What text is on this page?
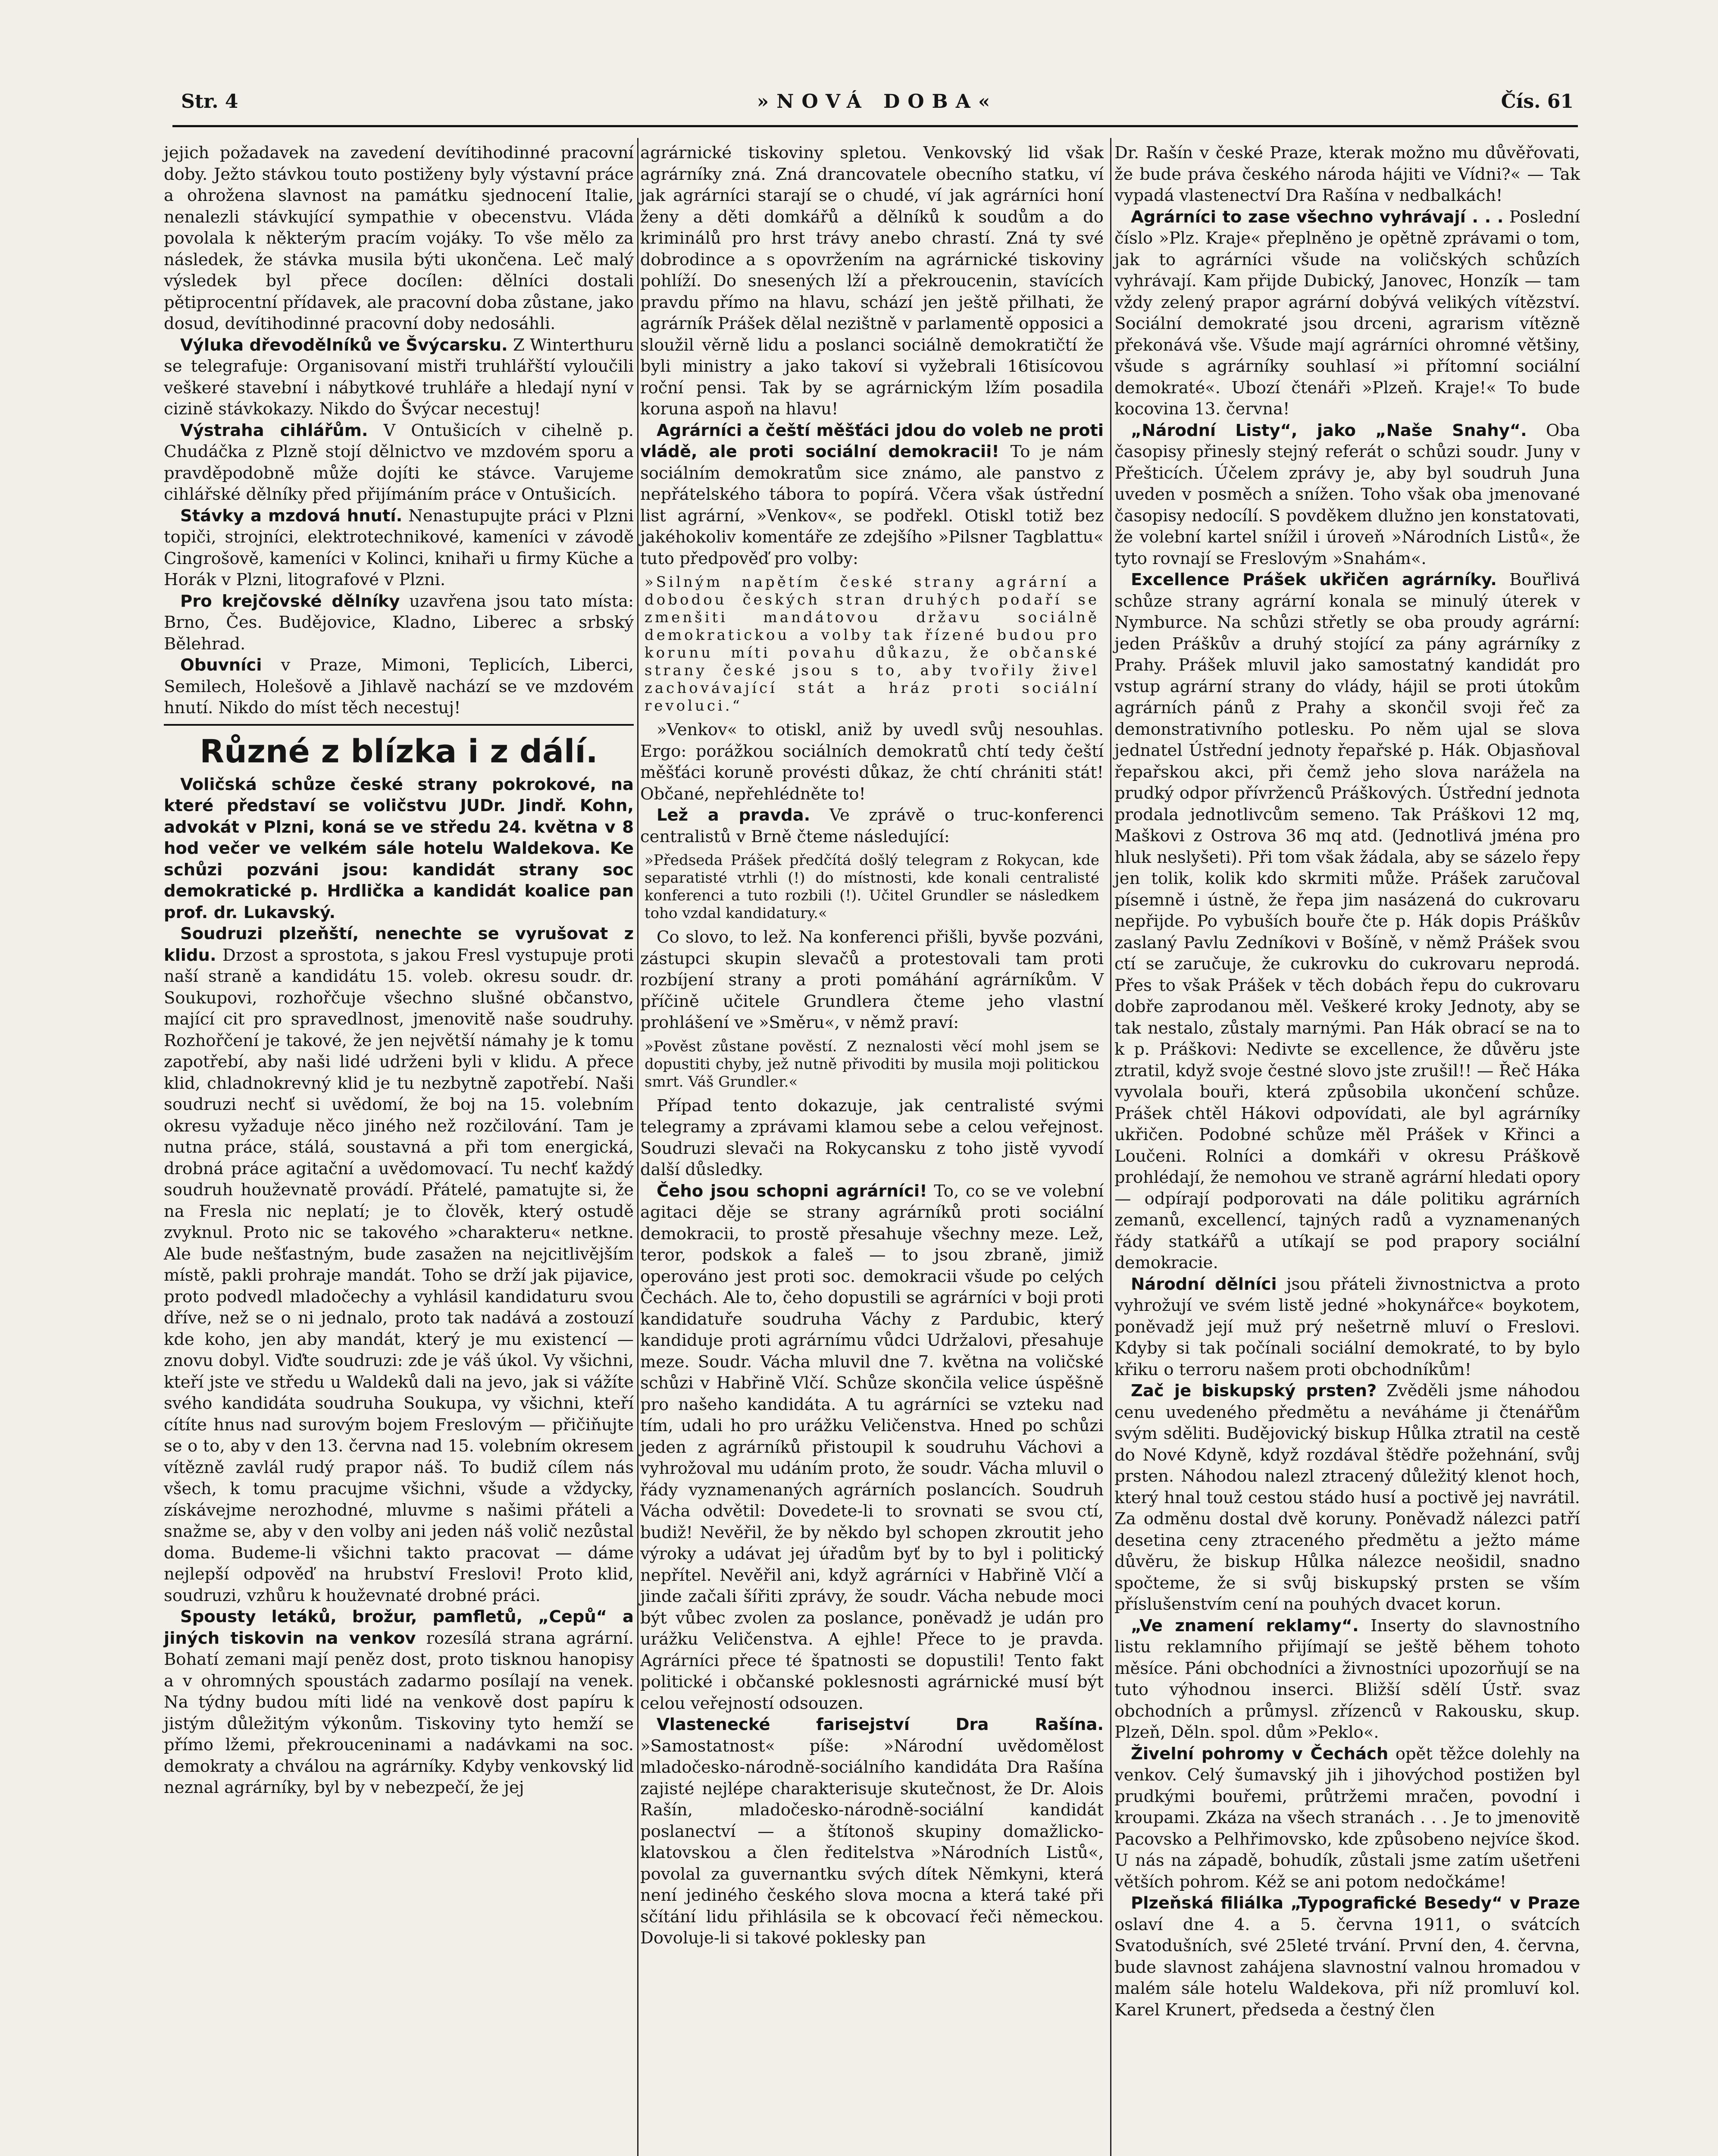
Str. 4	»NOVÁ DOBA«	Čís. 61

jejich požadavek na zavedení devítihodinné pracovní doby. Ježto stávkou touto postiženy byly výstavní práce a ohrožena slavnost na památku sjednocení Italie, nenalezli stávkující sympathie v obecenstvu. Vláda povolala k některým pracím vojáky. To vše mělo za následek, že stávka musila býti ukončena. Leč malý výsledek byl přece docílen: dělníci dostali pětiprocentní přídavek, ale pracovní doba zůstane, jako dosud, devítihodinné pracovní doby nedosáhli.

Výluka dřevodělníků ve Švýcarsku. Z Winterthuru se telegrafuje: Organisovaní mistři truhlářští vyloučili veškeré stavební i nábytkové truhláře a hledají nyní v cizině stávkokazy. Nikdo do Švýcar necestuj!

Výstraha cihlářům. V Ontušicích v cihelně p. Chudáčka z Plzně stojí dělnictvo ve mzdovém sporu a pravděpodobně může dojíti ke stávce. Varujeme cihlářské dělníky před přijímáním práce v Ontušicích.

Stávky a mzdová hnutí. Nenastupujte práci v Plzni topiči, strojníci, elektrotechnikové, kameníci v závodě Cingrošově, kameníci v Kolinci, knihaři u firmy Küche a Horák v Plzni, litografové v Plzni.

Pro krejčovské dělníky uzavřena jsou tato místa: Brno, Čes. Budějovice, Kladno, Liberec a srbský Bělehrad.

Obuvníci v Praze, Mimoni, Teplicích, Liberci, Semilech, Holešově a Jihlavě nachází se ve mzdovém hnutí. Nikdo do míst těch necestuj!

Různé z blízka i z dálí.

Voličská schůze české strany pokrokové, na které představí se voličstvu JUDr. Jindř. Kohn, advokát v Plzni, koná se ve středu 24. května v 8 hod večer ve velkém sále hotelu Waldekova. Ke schůzi pozváni jsou: kandidát strany soc demokratické p. Hrdlička a kandidát koalice pan prof. dr. Lukavský.

Soudruzi plzeňští, nenechte se vyrušovat z klidu. Drzost a sprostota, s jakou Fresl vystupuje proti naší straně a kandidátu 15. voleb. okresu soudr. dr. Soukupovi, rozhořčuje všechno slušné občanstvo, mající cit pro spravedlnost, jmenovitě naše soudruhy. Rozhořčení je takové, že jen největší námahy je k tomu zapotřebí, aby naši lidé udrženi byli v klidu. A přece klid, chladnokrevný klid je tu nezbytně zapotřebí. Naši soudruzi nechť si uvědomí, že boj na 15. volebním okresu vyžaduje něco jiného než rozčilování. Tam je nutna práce, stálá, soustavná a při tom energická, drobná práce agitační a uvědomovací. Tu nechť každý soudruh houževnatě provádí. Přátelé, pamatujte si, že na Fresla nic neplatí; je to člověk, který ostudě zvyknul. Proto nic se takového »charakteru« netkne. Ale bude nešťastným, bude zasažen na nejcitlivějším místě, pakli prohraje mandát. Toho se drží jak pijavice, proto podvedl mladočechy a vyhlásil kandidaturu svou dříve, než se o ni jednalo, proto tak nadává a zostouzí kde koho, jen aby mandát, který je mu existencí — znovu dobyl. Viďte soudruzi: zde je váš úkol. Vy všichni, kteří jste ve středu u Waldeků dali na jevo, jak si vážíte svého kandidáta soudruha Soukupa, vy všichni, kteří cítíte hnus nad surovým bojem Freslovým — přičiňujte se o to, aby v den 13. června nad 15. volebním okresem vítězně zavlál rudý prapor náš. To budiž cílem nás všech, k tomu pracujme všichni, všude a vždycky, získávejme nerozhodné, mluvme s našimi přáteli a snažme se, aby v den volby ani jeden náš volič nezůstal doma. Budeme-li všichni takto pracovat — dáme nejlepší odpověď na hrubství Freslovi! Proto klid, soudruzi, vzhůru k houževnaté drobné práci.

Spousty letáků, brožur, pamfletů, „Cepů“ a jiných tiskovin na venkov rozesílá strana agrární. Bohatí zemani mají peněz dost, proto tisknou hanopisy a v ohromných spoustách zadarmo posílají na venek. Na týdny budou míti lidé na venkově dost papíru k jistým důležitým výkonům. Tiskoviny tyto hemží se přímo lžemi, překrouceninami a nadávkami na soc. demokraty a chválou na agrárníky. Kdyby venkovský lid neznal agrárníky, byl by v nebezpečí, že jej

agrárnické tiskoviny spletou. Venkovský lid však agrárníky zná. Zná drancovatele obecního statku, ví jak agrárníci starají se o chudé, ví jak agrárníci honí ženy a děti domkářů a dělníků k soudům a do kriminálů pro hrst trávy anebo chrastí. Zná ty své dobrodince a s opovržením na agrárnické tiskoviny pohlíží. Do snesených lží a překroucenin, stavících pravdu přímo na hlavu, schází jen ještě přilhati, že agrárník Prášek dělal nezištně v parlamentě opposici a sloužil věrně lidu a poslanci sociálně demokratičtí že byli ministry a jako takoví si vyžebrali 16tisícovou roční pensi. Tak by se agrárnickým lžím posadila koruna aspoň na hlavu!

Agrárníci a čeští měšťáci jdou do voleb ne proti vládě, ale proti sociální demokracii! To je nám sociálním demokratům sice známo, ale panstvo z nepřátelského tábora to popírá. Včera však ústřední list agrární, »Venkov«, se podřekl. Otiskl totiž bez jakéhokoliv komentáře ze zdejšího »Pilsner Tagblattu« tuto předpověď pro volby:

»Silným napětím české strany agrární a dobodou českých stran druhých podaří se zmenšiti mandátovou državu sociálně demokratickou a volby tak řízené budou pro korunu míti povahu důkazu, že občanské strany české jsou s to, aby tvořily živel zachovávající stát a hráz proti sociální revoluci.“

»Venkov« to otiskl, aniž by uvedl svůj nesouhlas. Ergo: porážkou sociálních demokratů chtí tedy čeští měšťáci koruně provésti důkaz, že chtí chrániti stát! Občané, nepřehlédněte to!

Lež a pravda. Ve zprávě o truc-konferenci centralistů v Brně čteme následující:

»Předseda Prášek předčítá došlý telegram z Rokycan, kde separatisté vtrhli (!) do místnosti, kde konali centralisté konferenci a tuto rozbili (!). Učitel Grundler se následkem toho vzdal kandidatury.«

Co slovo, to lež. Na konferenci přišli, byvše pozváni, zástupci skupin slevačů a protestovali tam proti rozbíjení strany a proti pomáhání agrárníkům. V příčině učitele Grundlera čteme jeho vlastní prohlášení ve »Směru«, v němž praví:

»Pověst zůstane pověstí. Z neznalosti věcí mohl jsem se dopustiti chyby, jež nutně přivoditi by musila moji politickou smrt. Váš Grundler.«

Případ tento dokazuje, jak centralisté svými telegramy a zprávami klamou sebe a celou veřejnost. Soudruzi slevači na Rokycansku z toho jistě vyvodí další důsledky.

Čeho jsou schopni agrárníci! To, co se ve volební agitaci děje se strany agrárníků proti sociální demokracii, to prostě přesahuje všechny meze. Lež, teror, podskok a faleš — to jsou zbraně, jimiž operováno jest proti soc. demokracii všude po celých Čechách. Ale to, čeho dopustili se agrárníci v boji proti kandidatuře soudruha Váchy z Pardubic, který kandiduje proti agrárnímu vůdci Udržalovi, přesahuje meze. Soudr. Vácha mluvil dne 7. května na voličské schůzi v Habřině Vlčí. Schůze skončila velice úspěšně pro našeho kandidáta. A tu agrárníci se vzteku nad tím, udali ho pro urážku Veličenstva. Hned po schůzi jeden z agrárníků přistoupil k soudruhu Váchovi a vyhrožoval mu udáním proto, že soudr. Vácha mluvil o řády vyznamenaných agrárních poslancích. Soudruh Vácha odvětil: Dovedete-li to srovnati se svou ctí, budiž! Nevěřil, že by někdo byl schopen zkroutit jeho výroky a udávat jej úřadům byť by to byl i politický nepřítel. Nevěřil ani, když agrárníci v Habřině Vlčí a jinde začali šířiti zprávy, že soudr. Vácha nebude moci být vůbec zvolen za poslance, poněvadž je udán pro urážku Veličenstva. A ejhle! Přece to je pravda. Agrárníci přece té špatnosti se dopustili! Tento fakt politické i občanské poklesnosti agrárnické musí být celou veřejností odsouzen.

Vlastenecké farisejství Dra Rašína. »Samostatnost« píše: »Národní uvědomělost mladočesko-národně-sociálního kandidáta Dra Rašína zajisté nejlépe charakterisuje skutečnost, že Dr. Alois Rašín, mladočesko-národně-sociální kandidát poslanectví — a štítonoš skupiny domažlicko-klatovskou a člen ředitelstva »Národních Listů«, povolal za guvernantku svých dítek Němkyni, která není jediného českého slova mocna a která také při sčítání lidu přihlásila se k obcovací řeči německou. Dovoluje-li si takové poklesky pan

Dr. Rašín v české Praze, kterak možno mu důvěřovati, že bude práva českého národa hájiti ve Vídni?« — Tak vypadá vlastenectví Dra Rašína v nedbalkách!

Agrárníci to zase všechno vyhrávají . . . Poslední číslo »Plz. Kraje« přeplněno je opětně zprávami o tom, jak to agrárníci všude na voličských schůzích vyhrávají. Kam přijde Dubický, Janovec, Honzík — tam vždy zelený prapor agrární dobývá velikých vítězství. Sociální demokraté jsou drceni, agrarism vítězně překonává vše. Všude mají agrárníci ohromné většiny, všude s agrárníky souhlasí »i přítomní sociální demokraté«. Ubozí čtenáři »Plzeň. Kraje!« To bude kocovina 13. června!

„Národní Listy“, jako „Naše Snahy“. Oba časopisy přinesly stejný referát o schůzi soudr. Juny v Přešticích. Účelem zprávy je, aby byl soudruh Juna uveden v posměch a snížen. Toho však oba jmenované časopisy nedocílí. S povděkem dlužno jen konstatovati, že volební kartel snížil i úroveň »Národních Listů«, že tyto rovnají se Freslovým »Snahám«.

Excellence Prášek ukřičen agrárníky. Bouřlivá schůze strany agrární konala se minulý úterek v Nymburce. Na schůzi střetly se oba proudy agrární: jeden Práškův a druhý stojící za pány agrárníky z Prahy. Prášek mluvil jako samostatný kandidát pro vstup agrární strany do vlády, hájil se proti útokům agrárních pánů z Prahy a skončil svoji řeč za demonstrativního potlesku. Po něm ujal se slova jednatel Ústřední jednoty řepařské p. Hák. Objasňoval řepařskou akci, při čemž jeho slova narážela na prudký odpor přívrženců Práškových. Ústřední jednota prodala jednotlivcům semeno. Tak Práškovi 12 mq, Maškovi z Ostrova 36 mq atd. (Jednotlivá jména pro hluk neslyšeti). Při tom však žádala, aby se sázelo řepy jen tolik, kolik kdo skrmiti může. Prášek zaručoval písemně i ústně, že řepa jim nasázená do cukrovaru nepřijde. Po vybuších bouře čte p. Hák dopis Práškův zaslaný Pavlu Zedníkovi v Bošíně, v němž Prášek svou ctí se zaručuje, že cukrovku do cukrovaru neprodá. Přes to však Prášek v těch dobách řepu do cukrovaru dobře zaprodanou měl. Veškeré kroky Jednoty, aby se tak nestalo, zůstaly marnými. Pan Hák obrací se na to k p. Práškovi: Nedivte se excellence, že důvěru jste ztratil, když svoje čestné slovo jste zrušil!! — Řeč Háka vyvolala bouři, která způsobila ukončení schůze. Prášek chtěl Hákovi odpovídati, ale byl agrárníky ukřičen. Podobné schůze měl Prášek v Křinci a Loučeni. Rolníci a domkáři v okresu Práškově prohlédají, že nemohou ve straně agrární hledati opory — odpírají podporovati na dále politiku agrárních zemanů, excellencí, tajných radů a vyznamenaných řády statkářů a utíkají se pod prapory sociální demokracie.

Národní dělníci jsou přáteli živnostnictva a proto vyhrožují ve svém listě jedné »hokynářce« boykotem, poněvadž její muž prý nešetrně mluví o Freslovi. Kdyby si tak počínali sociální demokraté, to by bylo křiku o terroru našem proti obchodníkům!

Zač je biskupský prsten? Zvěděli jsme náhodou cenu uvedeného předmětu a neváháme ji čtenářům svým sděliti. Budějovický biskup Hůlka ztratil na cestě do Nové Kdyně, když rozdával štědře požehnání, svůj prsten. Náhodou nalezl ztracený důležitý klenot hoch, který hnal touž cestou stádo husí a poctivě jej navrátil. Za odměnu dostal dvě koruny. Poněvadž nálezci patří desetina ceny ztraceného předmětu a ježto máme důvěru, že biskup Hůlka nálezce neošidil, snadno spočteme, že si svůj biskupský prsten se vším příslušenstvím cení na pouhých dvacet korun.

„Ve znamení reklamy“. Inserty do slavnostního listu reklamního přijímají se ještě během tohoto měsíce. Páni obchodníci a živnostníci upozorňují se na tuto výhodnou inserci. Bližší sdělí Ústř. svaz obchodních a průmysl. zřízenců v Rakousku, skup. Plzeň, Děln. spol. dům »Peklo«.

Živelní pohromy v Čechách opět těžce dolehly na venkov. Celý šumavský jih i jihovýchod postižen byl prudkými bouřemi, průtržemi mračen, povodní i kroupami. Zkáza na všech stranách . . . Je to jmenovitě Pacovsko a Pelhřimovsko, kde způsobeno nejvíce škod. U nás na západě, bohudík, zůstali jsme zatím ušetřeni větších pohrom. Kéž se ani potom nedočkáme!

Plzeňská filiálka „Typografické Besedy“ v Praze oslaví dne 4. a 5. června 1911, o svátcích Svatodušních, své 25leté trvání. První den, 4. června, bude slavnost zahájena slavnostní valnou hromadou v malém sále hotelu Waldekova, při níž promluví kol. Karel Krunert, předseda a čestný člen
